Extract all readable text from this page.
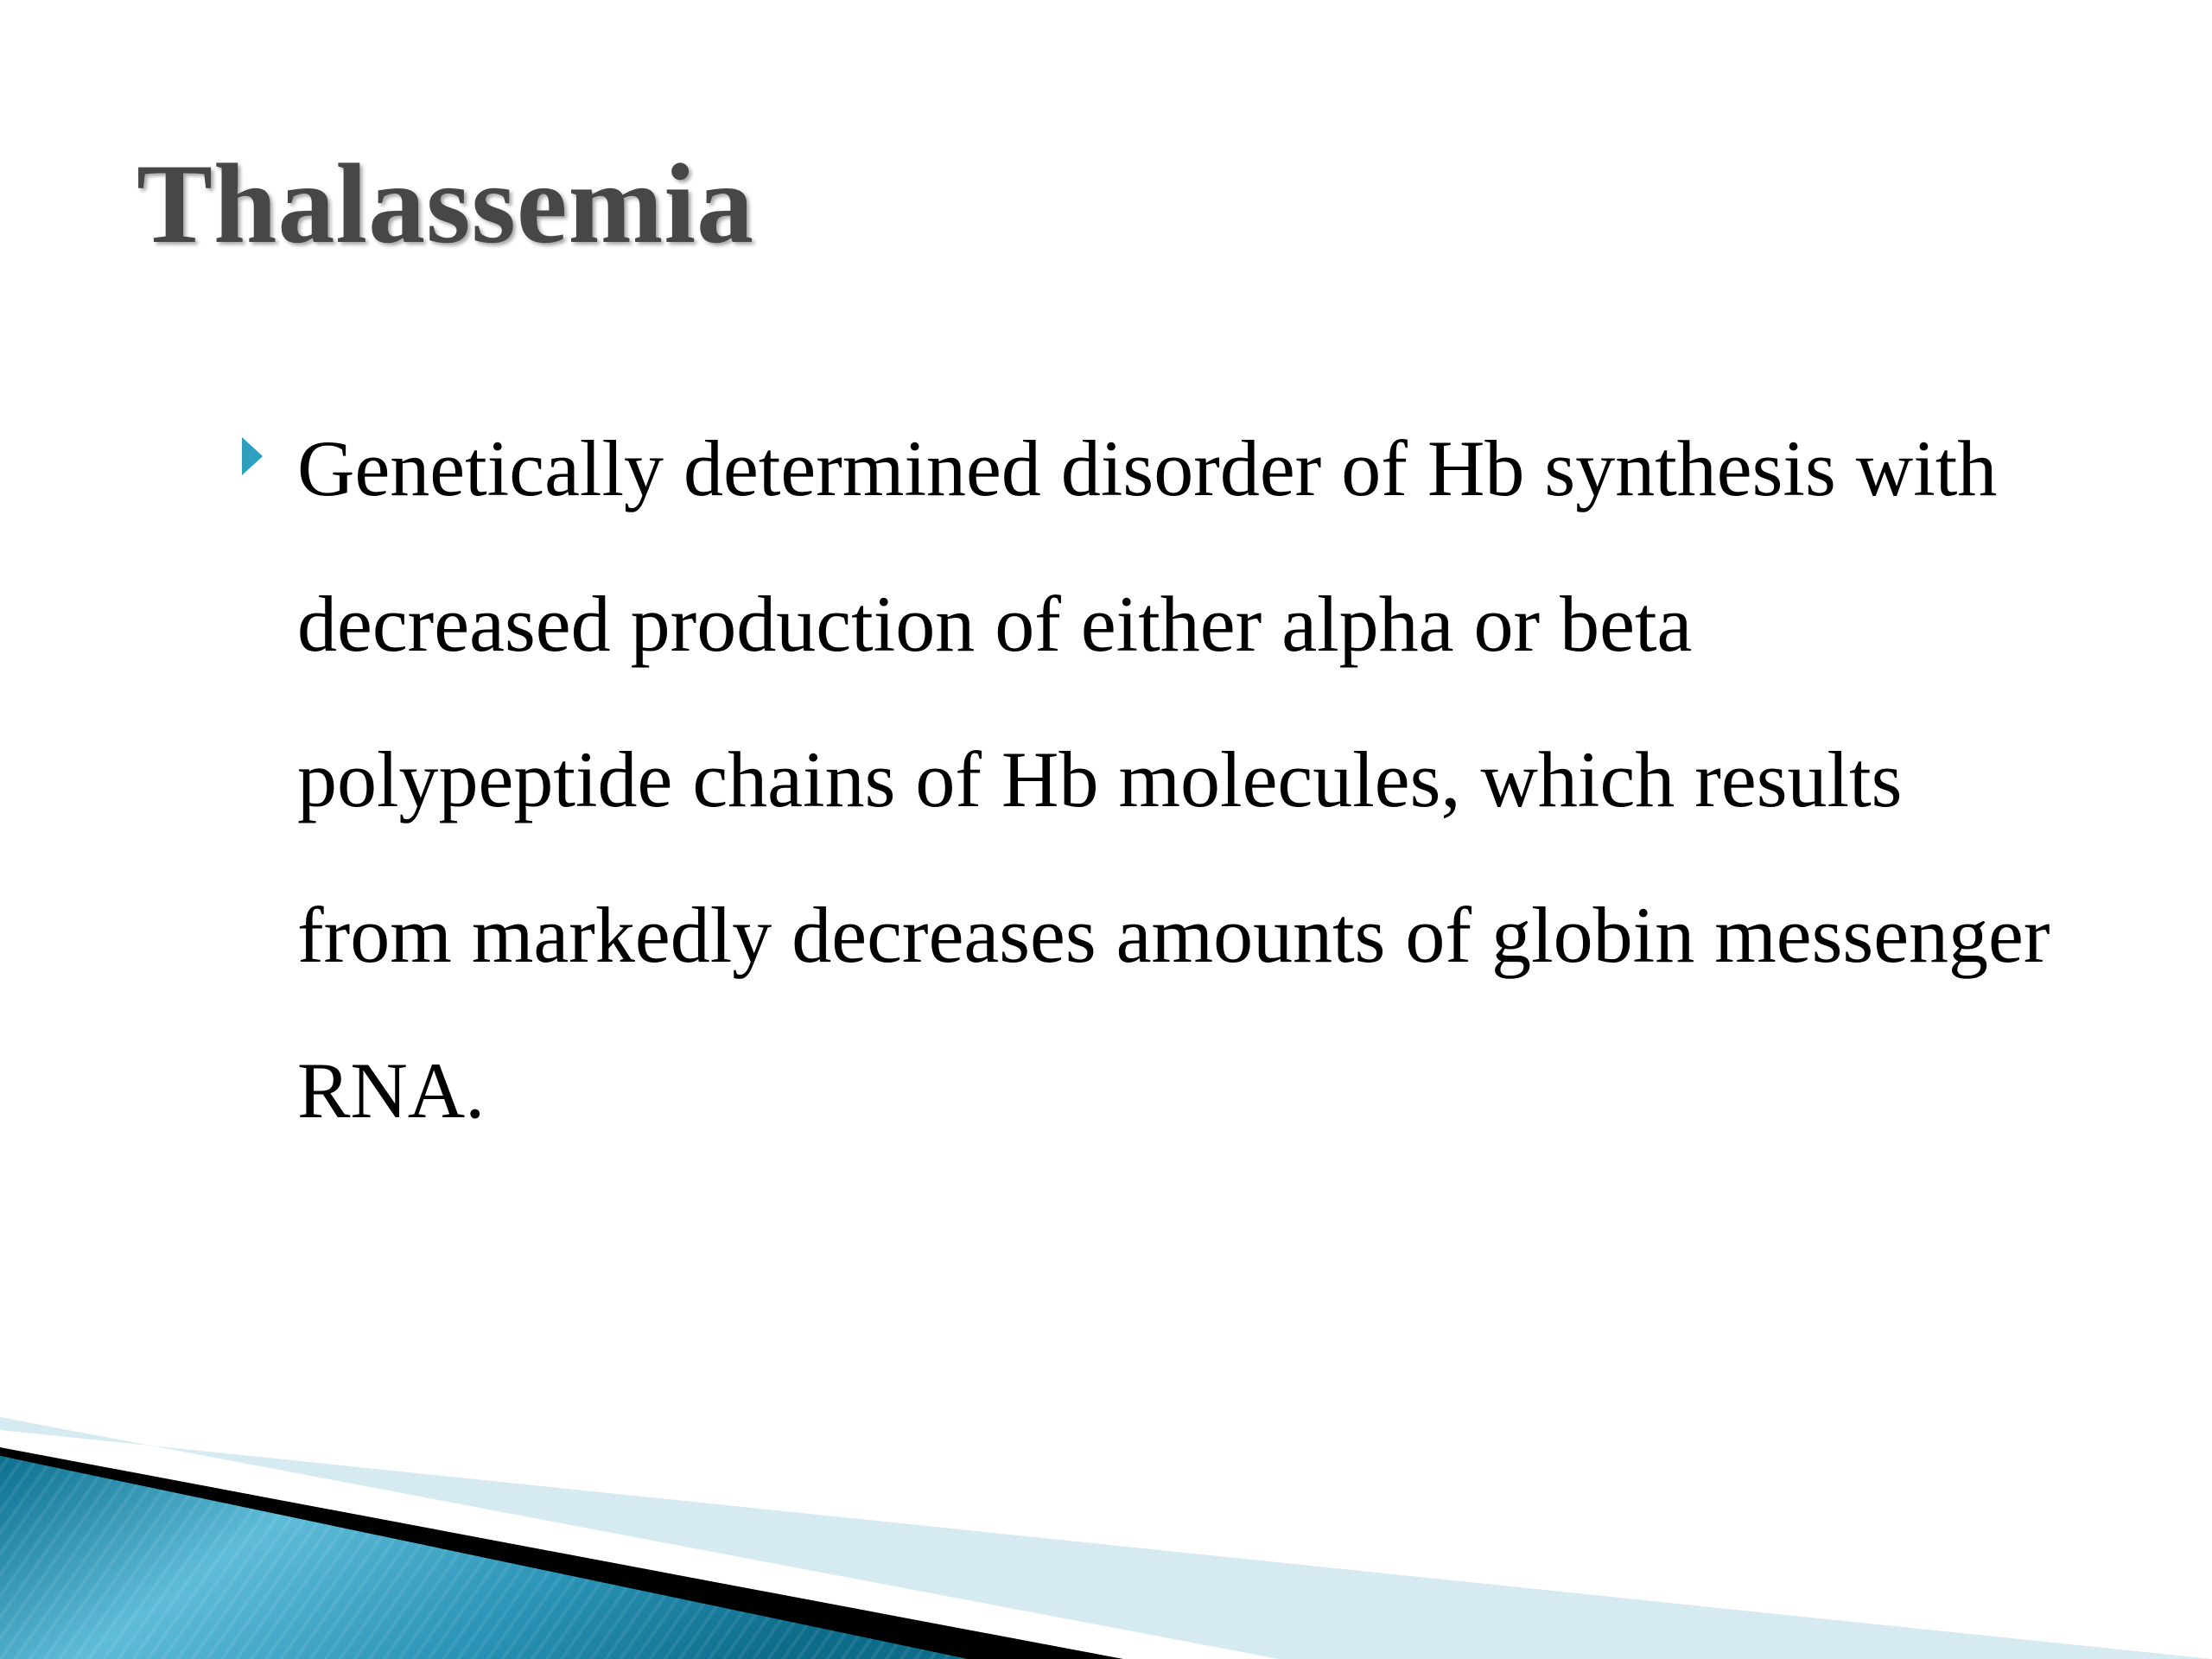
Thalassemia
Genetically determined disorder of Hb synthesis with decreased production of either alpha or beta polypeptide chains of Hb molecules, which results from markedly decreases amounts of globin messenger RNA.
